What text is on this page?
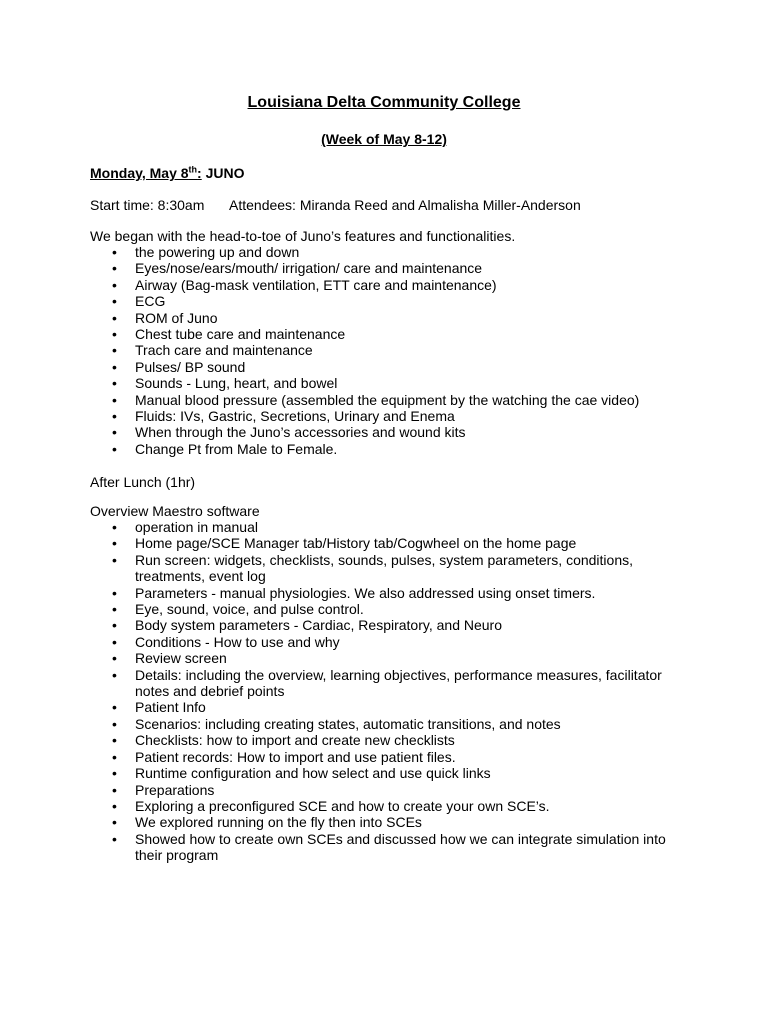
Louisiana Delta Community College
(Week of May 8-12)
Monday, May 8th: JUNO
Start time: 8:30am Attendees: Miranda Reed and Almalisha Miller-Anderson
We began with the head-to-toe of Juno’s features and functionalities.
• the powering up and down
• Eyes/nose/ears/mouth/ irrigation/ care and maintenance
• Airway (Bag-mask ventilation, ETT care and maintenance)
• ECG
• ROM of Juno
• Chest tube care and maintenance
• Trach care and maintenance
• Pulses/ BP sound
• Sounds - Lung, heart, and bowel
• Manual blood pressure (assembled the equipment by the watching the cae video)
• Fluids: IVs, Gastric, Secretions, Urinary and Enema
• When through the Juno’s accessories and wound kits
• Change Pt from Male to Female.
After Lunch (1hr)
Overview Maestro software
• operation in manual
• Home page/SCE Manager tab/History tab/Cogwheel on the home page
• Run screen: widgets, checklists, sounds, pulses, system parameters, conditions, treatments, event log
• Parameters - manual physiologies. We also addressed using onset timers.
• Eye, sound, voice, and pulse control.
• Body system parameters - Cardiac, Respiratory, and Neuro
• Conditions - How to use and why
• Review screen
• Details: including the overview, learning objectives, performance measures, facilitator notes and debrief points
• Patient Info
• Scenarios: including creating states, automatic transitions, and notes
• Checklists: how to import and create new checklists
• Patient records: How to import and use patient files.
• Runtime configuration and how select and use quick links
• Preparations
• Exploring a preconfigured SCE and how to create your own SCE’s.
• We explored running on the fly then into SCEs
• Showed how to create own SCEs and discussed how we can integrate simulation into their program
